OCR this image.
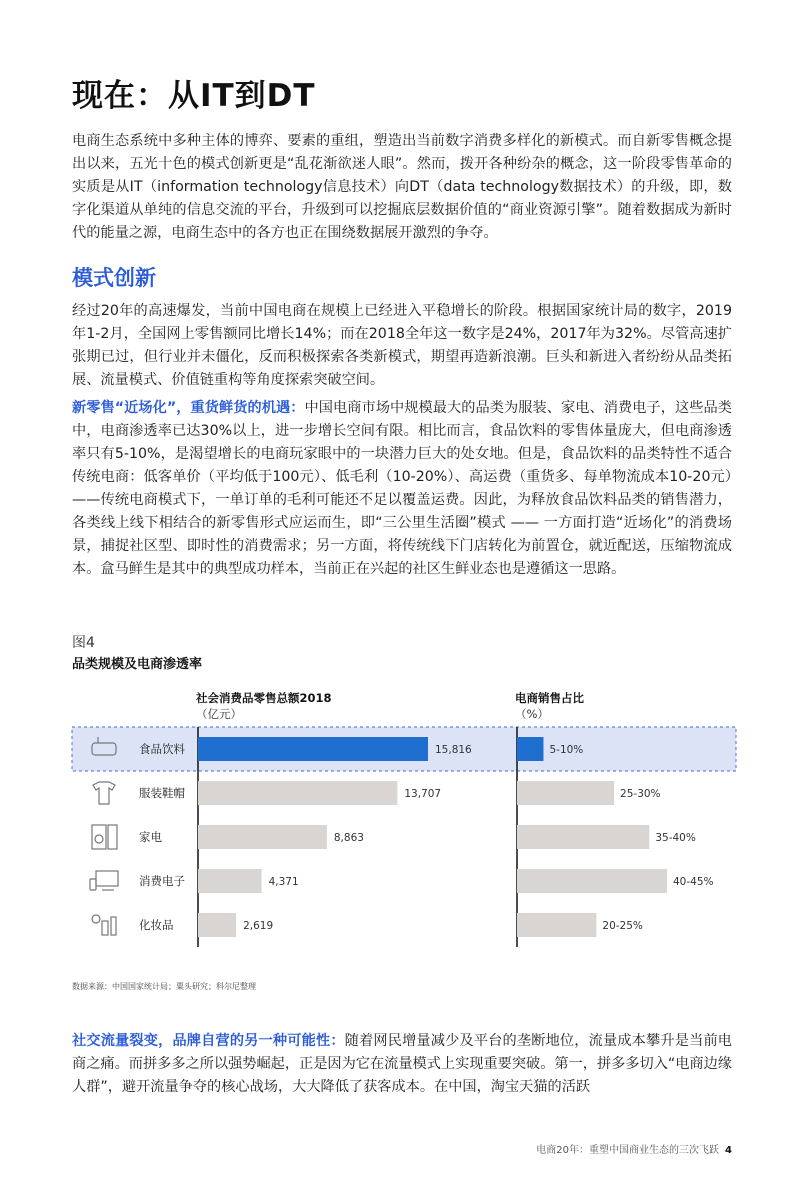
现在：从IT到DT

电商生态系统中多种主体的博弈、要素的重组，塑造出当前数字消费多样化的新模式。而自新零售概念提出以来，五光十色的模式创新更是“乱花渐欲迷人眼”。然而，拨开各种纷杂的概念，这一阶段零售革命的实质是从IT（information technology信息技术）向DT（data technology数据技术）的升级，即，数字化渠道从单纯的信息交流的平台，升级到可以挖掘底层数据价值的“商业资源引擎”。随着数据成为新时代的能量之源，电商生态中的各方也正在围绕数据展开激烈的争夺。

模式创新

经过20年的高速爆发，当前中国电商在规模上已经进入平稳增长的阶段。根据国家统计局的数字，2019年1-2月，全国网上零售额同比增长14%；而在2018全年这一数字是24%，2017年为32%。尽管高速扩张期已过，但行业并未僵化，反而积极探索各类新模式，期望再造新浪潮。巨头和新进入者纷纷从品类拓展、流量模式、价值链重构等角度探索突破空间。

新零售“近场化”，重货鲜货的机遇：中国电商市场中规模最大的品类为服装、家电、消费电子，这些品类中，电商渗透率已达30%以上，进一步增长空间有限。相比而言，食品饮料的零售体量庞大，但电商渗透率只有5-10%，是渴望增长的电商玩家眼中的一块潜力巨大的处女地。但是，食品饮料的品类特性不适合传统电商：低客单价（平均低于100元）、低毛利（10-20%）、高运费（重货多、每单物流成本10-20元）——传统电商模式下，一单订单的毛利可能还不足以覆盖运费。因此，为释放食品饮料品类的销售潜力，各类线上线下相结合的新零售形式应运而生，即“三公里生活圈”模式 —— 一方面打造“近场化”的消费场景，捕捉社区型、即时性的消费需求；另一方面，将传统线下门店转化为前置仓，就近配送，压缩物流成本。盒马鲜生是其中的典型成功样本，当前正在兴起的社区生鲜业态也是遵循这一思路。

图4
品类规模及电商渗透率
社会消费品零售总额2018
（亿元）
电商销售占比
（%）
食品饮料	15,816	5-10%
服装鞋帽	13,707	25-30%
家电	8,863	35-40%
消费电子	4,371	40-45%
化妆品	2,619	20-25%
数据来源：中国国家统计局；粟头研究；科尔尼整理

社交流量裂变，品牌自营的另一种可能性：随着网民增量减少及平台的垄断地位，流量成本攀升是当前电商之痛。而拼多多之所以强势崛起，正是因为它在流量模式上实现重要突破。第一，拼多多切入“电商边缘人群”，避开流量争夺的核心战场，大大降低了获客成本。在中国，淘宝天猫的活跃

电商20年：重塑中国商业生态的三次飞跃 4
